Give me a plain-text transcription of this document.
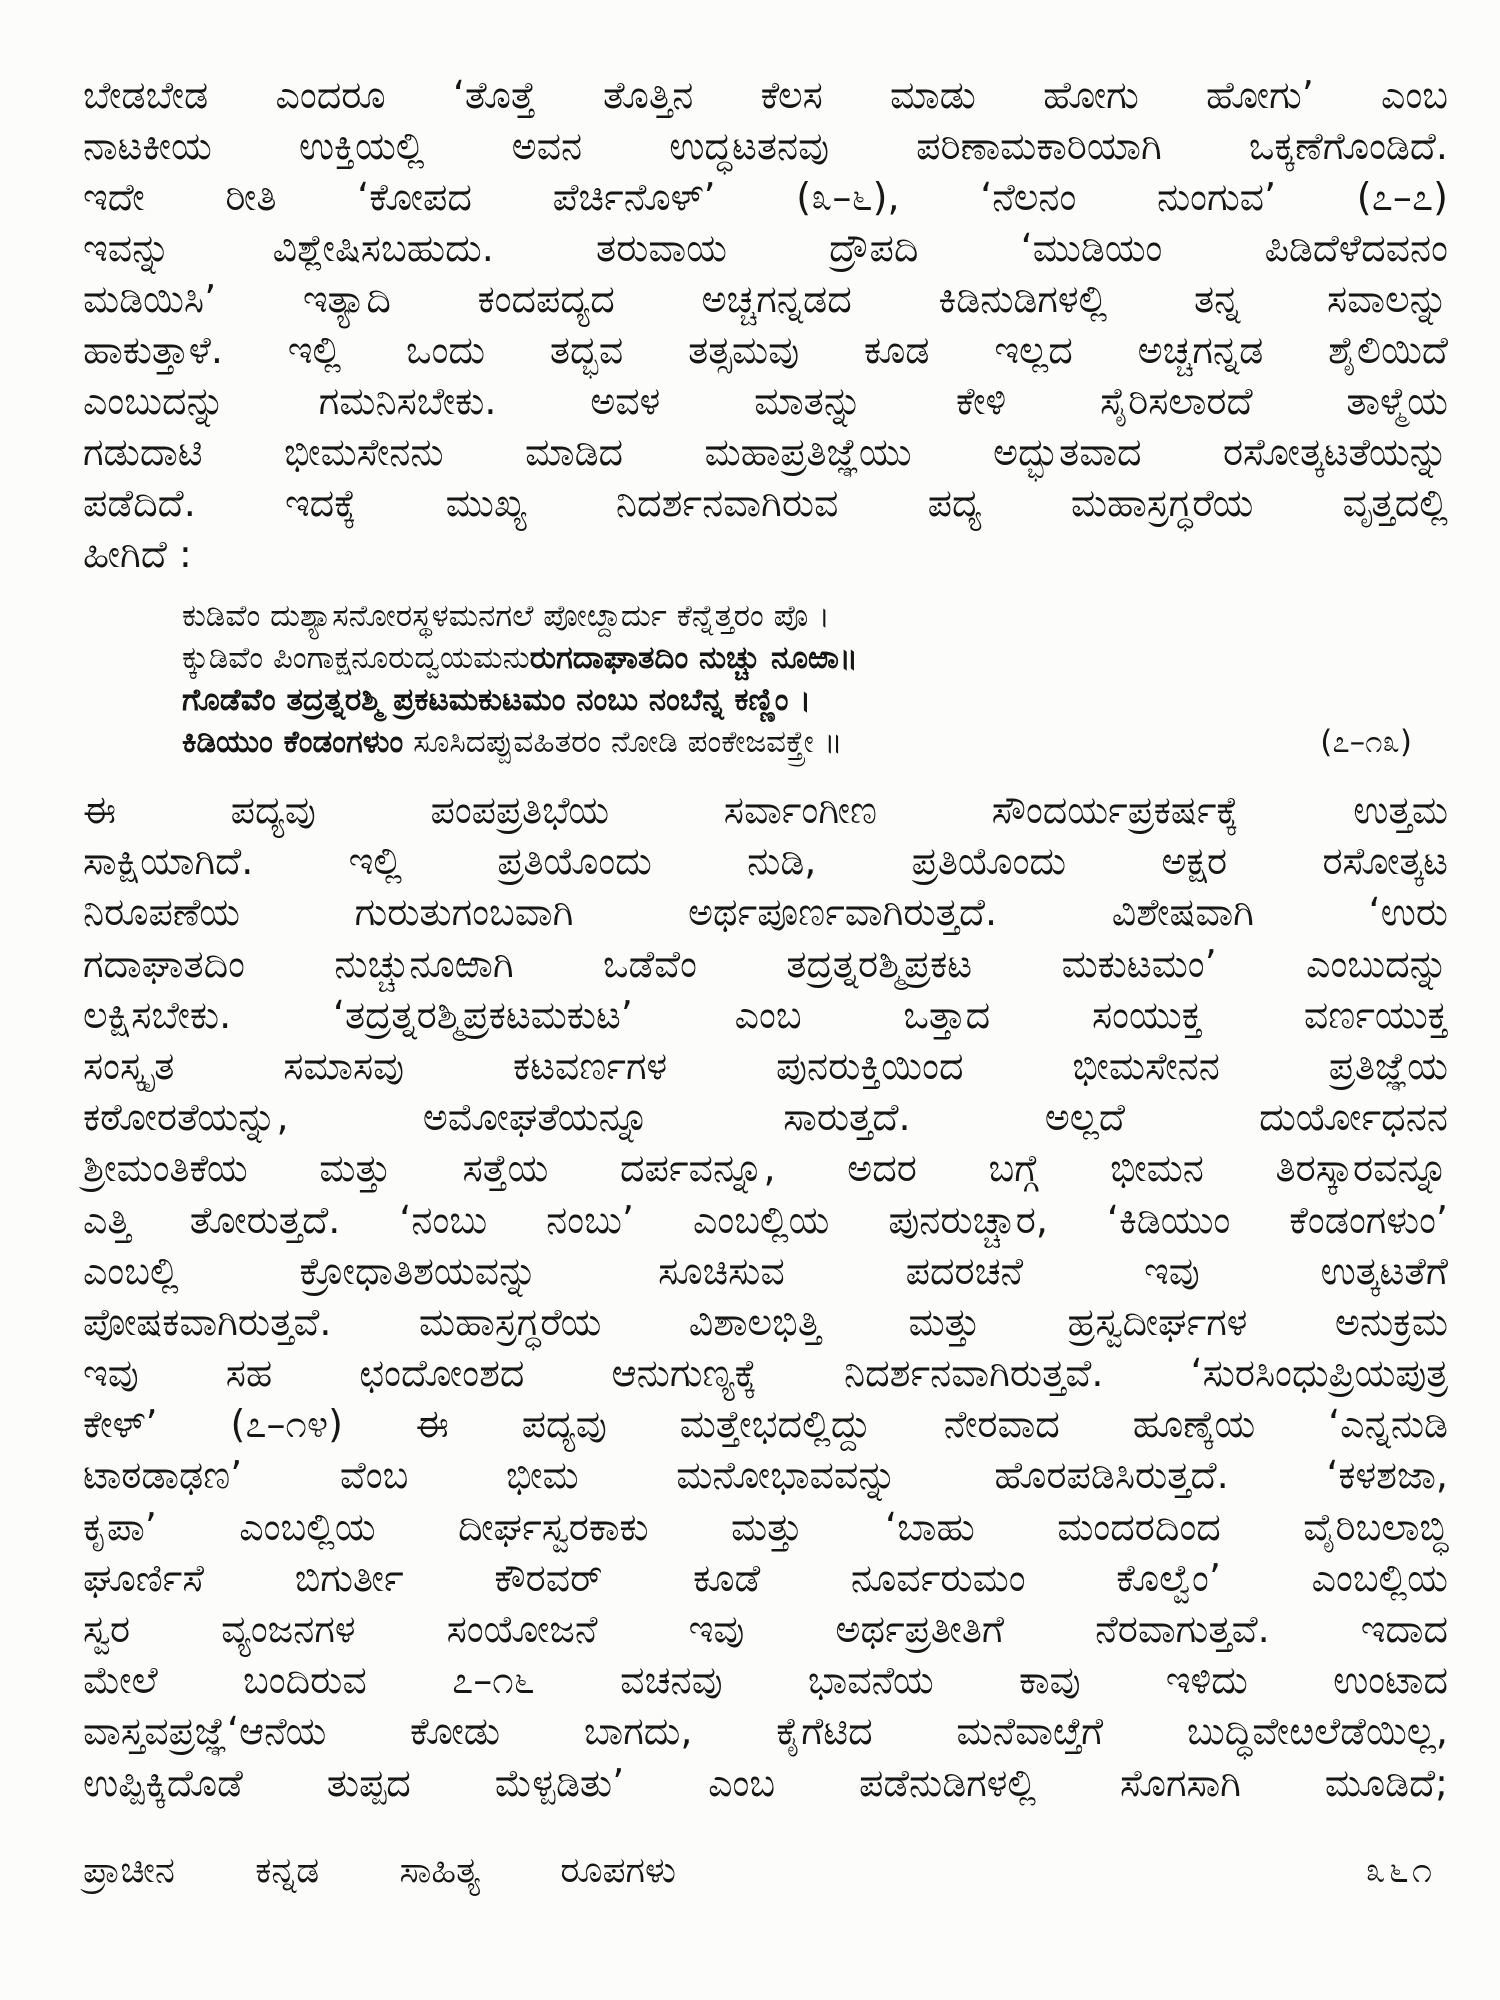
ಬೇಡಬೇಡ ಎಂದರೂ ‘ತೊತ್ತೆ ತೊತ್ತಿನ ಕೆಲಸ ಮಾಡು ಹೋಗು ಹೋಗು’ ಎಂಬ
ನಾಟಕೀಯ ಉಕ್ತಿಯಲ್ಲಿ ಅವನ ಉದ್ಧಟತನವು ಪರಿಣಾಮಕಾರಿಯಾಗಿ ಒಕ್ಕಣೆಗೊಂಡಿದೆ.
ಇದೇ ರೀತಿ ‘ಕೋಪದ ಪೆರ್ಚಿನೊಳ್’ (೩–೬), ‘ನೆಲನಂ ನುಂಗುವ’ (೭–೭)
ಇವನ್ನು ವಿಶ್ಲೇಷಿಸಬಹುದು. ತರುವಾಯ ದ್ರೌಪದಿ ‘ಮುಡಿಯಂ ಪಿಡಿದೆಳೆದವನಂ
ಮಡಿಯಿಸಿ’ ಇತ್ಯಾದಿ ಕಂದಪದ್ಯದ ಅಚ್ಚಗನ್ನಡದ ಕಿಡಿನುಡಿಗಳಲ್ಲಿ ತನ್ನ ಸವಾಲನ್ನು
ಹಾಕುತ್ತಾಳೆ. ಇಲ್ಲಿ ಒಂದು ತದ್ಭವ ತತ್ಸಮವು ಕೂಡ ಇಲ್ಲದ ಅಚ್ಚಗನ್ನಡ ಶೈಲಿಯಿದೆ
ಎಂಬುದನ್ನು ಗಮನಿಸಬೇಕು. ಅವಳ ಮಾತನ್ನು ಕೇಳಿ ಸೈರಿಸಲಾರದೆ ತಾಳ್ಮೆಯ
ಗಡುದಾಟಿ ಭೀಮಸೇನನು ಮಾಡಿದ ಮಹಾಪ್ರತಿಜ್ಞೆಯು ಅದ್ಭುತವಾದ ರಸೋತ್ಕಟತೆಯನ್ನು
ಪಡೆದಿದೆ. ಇದಕ್ಕೆ ಮುಖ್ಯ ನಿದರ್ಶನವಾಗಿರುವ ಪದ್ಯ ಮಹಾಸ್ರಗ್ಧರೆಯ ವೃತ್ತದಲ್ಲಿ
ಹೀಗಿದೆ :
ಕುಡಿವೆಂ ದುಶ್ಯಾಸನೋರಸ್ಥಳಮನಗಲೆ ಪೋೞ್ದಾರ್ದು ಕೆನ್ನೆತ್ತರಂ ಪೊ ।
ಕ್ಕುಡಿವೆಂ ಪಿಂಗಾಕ್ಷನೂರುದ್ವಯಮನುರುಗದಾಘಾತದಿಂ ನುಚ್ಚು ನೂಱಾ॥
ಗೊಡೆವೆಂ ತದ್ರತ್ನರಶ್ಮಿ ಪ್ರಕಟಮಕುಟಮಂ ನಂಬು ನಂಬೆನ್ನ ಕಣ್ಣಿಂ ।
ಕಿಡಿಯುಂ ಕೆಂಡಂಗಳುಂ ಸೂಸಿದಪ್ಪುವಹಿತರಂ ನೋಡಿ ಪಂಕೇಜವಕ್ತ್ರೇ ॥	(೭–೧೩)
ಈ ಪದ್ಯವು ಪಂಪಪ್ರತಿಭೆಯ ಸರ್ವಾಂಗೀಣ ಸೌಂದರ್ಯಪ್ರಕರ್ಷಕ್ಕೆ ಉತ್ತಮ
ಸಾಕ್ಷಿಯಾಗಿದೆ. ಇಲ್ಲಿ ಪ್ರತಿಯೊಂದು ನುಡಿ, ಪ್ರತಿಯೊಂದು ಅಕ್ಷರ ರಸೋತ್ಕಟ
ನಿರೂಪಣೆಯ ಗುರುತುಗಂಬವಾಗಿ ಅರ್ಥಪೂರ್ಣವಾಗಿರುತ್ತದೆ. ವಿಶೇಷವಾಗಿ ‘ಉರು
ಗದಾಘಾತದಿಂ ನುಚ್ಚುನೂಱಾಗಿ ಒಡೆವೆಂ ತದ್ರತ್ನರಶ್ಮಿಪ್ರಕಟ ಮಕುಟಮಂ’ ಎಂಬುದನ್ನು
ಲಕ್ಷಿಸಬೇಕು. ‘ತದ್ರತ್ನರಶ್ಮಿಪ್ರಕಟಮಕುಟ’ ಎಂಬ ಒತ್ತಾದ ಸಂಯುಕ್ತ ವರ್ಣಯುಕ್ತ
ಸಂಸ್ಕೃತ ಸಮಾಸವು ಕಟವರ್ಣಗಳ ಪುನರುಕ್ತಿಯಿಂದ ಭೀಮಸೇನನ ಪ್ರತಿಜ್ಞೆಯ
ಕಠೋರತೆಯನ್ನು, ಅಮೋಘತೆಯನ್ನೂ ಸಾರುತ್ತದೆ. ಅಲ್ಲದೆ ದುರ್ಯೋಧನನ
ಶ್ರೀಮಂತಿಕೆಯ ಮತ್ತು ಸತ್ತೆಯ ದರ್ಪವನ್ನೂ, ಅದರ ಬಗ್ಗೆ ಭೀಮನ ತಿರಸ್ಕಾರವನ್ನೂ
ಎತ್ತಿ ತೋರುತ್ತದೆ. ‘ನಂಬು ನಂಬು’ ಎಂಬಲ್ಲಿಯ ಪುನರುಚ್ಚಾರ, ‘ಕಿಡಿಯುಂ ಕೆಂಡಂಗಳುಂ’
ಎಂಬಲ್ಲಿ ಕ್ರೋಧಾತಿಶಯವನ್ನು ಸೂಚಿಸುವ ಪದರಚನೆ ಇವು ಉತ್ಕಟತೆಗೆ
ಪೋಷಕವಾಗಿರುತ್ತವೆ. ಮಹಾಸ್ರಗ್ಧರೆಯ ವಿಶಾಲಭಿತ್ತಿ ಮತ್ತು ಹ್ರಸ್ವದೀರ್ಘಗಳ ಅನುಕ್ರಮ
ಇವು ಸಹ ಛಂದೋಂಶದ ಆನುಗುಣ್ಯಕ್ಕೆ ನಿದರ್ಶನವಾಗಿರುತ್ತವೆ. ‘ಸುರಸಿಂಧುಪ್ರಿಯಪುತ್ರ
ಕೇಳ್’ (೭–೧೪) ಈ ಪದ್ಯವು ಮತ್ತೇಭದಲ್ಲಿದ್ದು ನೇರವಾದ ಹೂಣ್ಕೆಯ ‘ಎನ್ನನುಡಿ
ಟಾಠಡಾಢಣ’ ವೆಂಬ ಭೀಮ ಮನೋಭಾವವನ್ನು ಹೊರಪಡಿಸಿರುತ್ತದೆ. ‘ಕಳಶಜಾ,
ಕೃಪಾ’ ಎಂಬಲ್ಲಿಯ ದೀರ್ಘಸ್ವರಕಾಕು ಮತ್ತು ‘ಬಾಹು ಮಂದರದಿಂದ ವೈರಿಬಲಾಬ್ಧಿ
ಘೂರ್ಣಿಸೆ ಬಿಗುರ್ತೀ ಕೌರವರ್ ಕೂಡೆ ನೂರ್ವರುಮಂ ಕೊಲ್ವೆಂ’ ಎಂಬಲ್ಲಿಯ
ಸ್ವರ ವ್ಯಂಜನಗಳ ಸಂಯೋಜನೆ ಇವು ಅರ್ಥಪ್ರತೀತಿಗೆ ನೆರವಾಗುತ್ತವೆ. ಇದಾದ
ಮೇಲೆ ಬಂದಿರುವ ೭–೧೬ ವಚನವು ಭಾವನೆಯ ಕಾವು ಇಳಿದು ಉಂಟಾದ
ವಾಸ್ತವಪ್ರಜ್ಞೆ‘ಆನೆಯ ಕೋಡು ಬಾಗದು, ಕೈಗೆಟಿದ ಮನೆವಾೞ್ತೆಗೆ ಬುದ್ಧಿವೇೞಲೆಡೆಯಿಲ್ಲ,
ಉಪ್ಪಿಕ್ಕಿದೊಡೆ ತುಪ್ಪದ ಮೆಳ್ಪಡಿತು’ ಎಂಬ ಪಡೆನುಡಿಗಳಲ್ಲಿ ಸೊಗಸಾಗಿ ಮೂಡಿದೆ;
ಪ್ರಾಚೀನ ಕನ್ನಡ ಸಾಹಿತ್ಯ ರೂಪಗಳು	೩೬೧
